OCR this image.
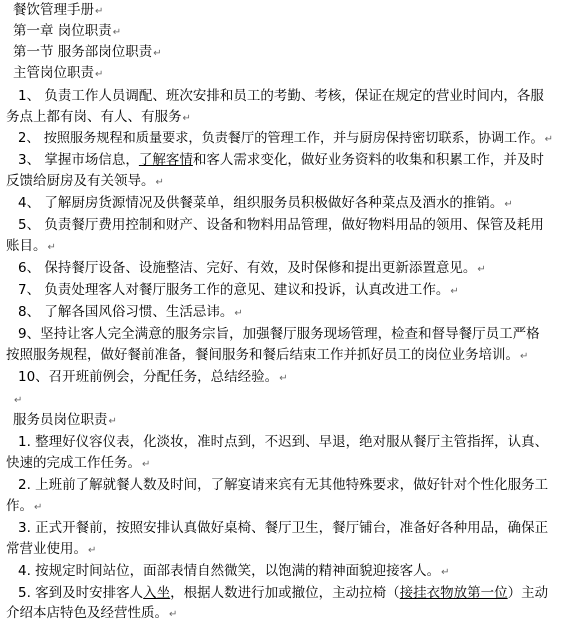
餐饮管理手册↵
第一章 岗位职责↵
第一节 服务部岗位职责↵
主管岗位职责↵
1、 负责工作人员调配、班次安排和员工的考勤、考核，保证在规定的营业时间内，各服
务点上都有岗、有人、有服务↵
2、 按照服务规程和质量要求，负责餐厅的管理工作，并与厨房保持密切联系，协调工作。↵
3、 掌握市场信息，了解客情和客人需求变化，做好业务资料的收集和积累工作，并及时
反馈给厨房及有关领导。↵
4、 了解厨房货源情况及供餐菜单，组织服务员积极做好各种菜点及酒水的推销。↵
5、 负责餐厅费用控制和财产、设备和物料用品管理，做好物料用品的领用、保管及耗用
账目。↵
6、 保持餐厅设备、设施整洁、完好、有效，及时保修和提出更新添置意见。↵
7、 负责处理客人对餐厅服务工作的意见、建议和投诉，认真改进工作。↵
8、 了解各国风俗习惯、生活忌讳。↵
9、坚持让客人完全满意的服务宗旨，加强餐厅服务现场管理，检查和督导餐厅员工严格
按照服务规程，做好餐前准备，餐间服务和餐后结束工作并抓好员工的岗位业务培训。↵
10、召开班前例会，分配任务，总结经验。↵
↵
服务员岗位职责↵
1. 整理好仪容仪表，化淡妆，准时点到，不迟到、早退，绝对服从餐厅主管指挥，认真、
快速的完成工作任务。↵
2. 上班前了解就餐人数及时间，了解宴请来宾有无其他特殊要求，做好针对个性化服务工
作。↵
3. 正式开餐前，按照安排认真做好桌椅、餐厅卫生，餐厅铺台，准备好各种用品，确保正
常营业使用。↵
4. 按规定时间站位，面部表情自然微笑，以饱满的精神面貌迎接客人。↵
5. 客到及时安排客人入坐，根据人数进行加或撤位，主动拉椅（接挂衣物放第一位）主动
介绍本店特色及经营性质。↵
